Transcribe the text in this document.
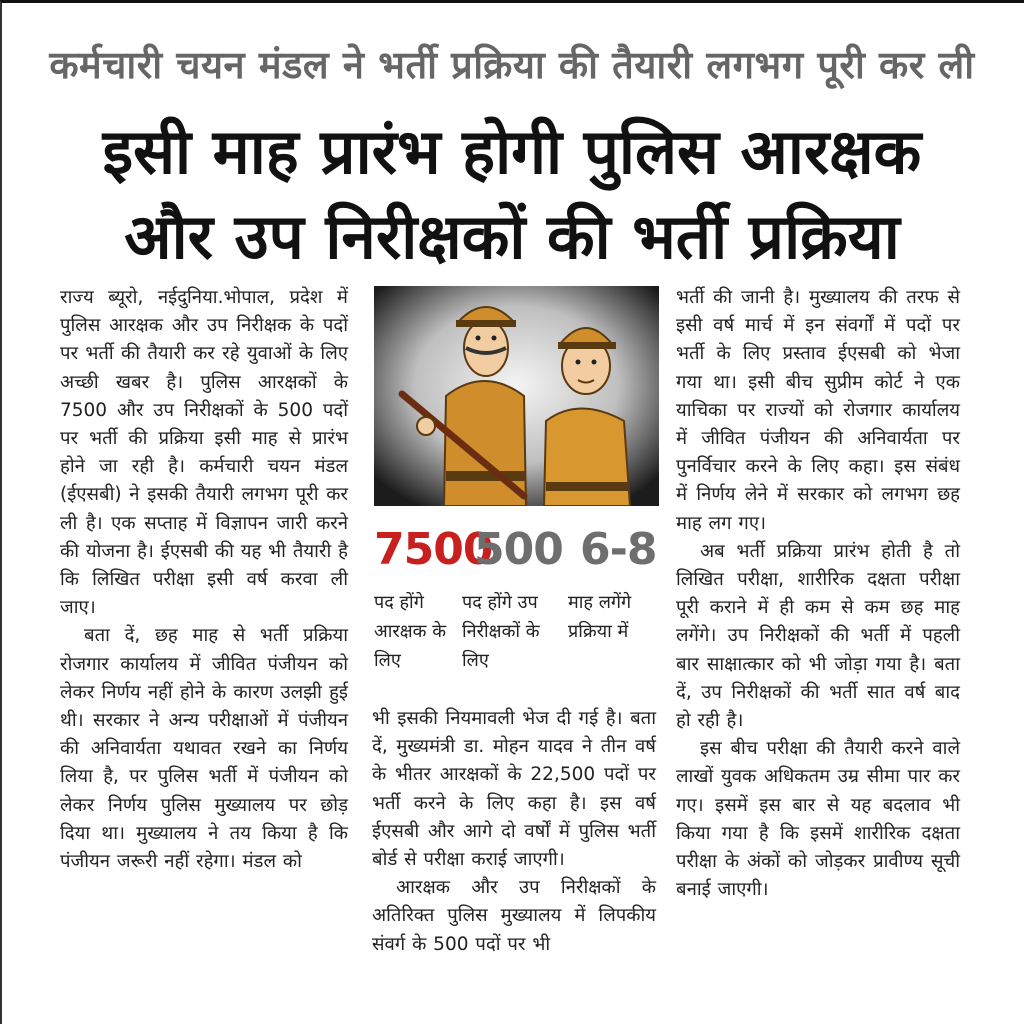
कर्मचारी चयन मंडल ने भर्ती प्रक्रिया की तैयारी लगभग पूरी कर ली
इसी माह प्रारंभ होगी पुलिस आरक्षक
और उप निरीक्षकों की भर्ती प्रक्रिया

राज्य ब्यूरो, नईदुनिया.भोपाल, प्रदेश में पुलिस आरक्षक और उप निरीक्षक के पदों पर भर्ती की तैयारी कर रहे युवाओं के लिए अच्छी खबर है। पुलिस आरक्षकों के 7500 और उप निरीक्षकों के 500 पदों पर भर्ती की प्रक्रिया इसी माह से प्रारंभ होने जा रही है। कर्मचारी चयन मंडल (ईएसबी) ने इसकी तैयारी लगभग पूरी कर ली है। एक सप्ताह में विज्ञापन जारी करने की योजना है। ईएसबी की यह भी तैयारी है कि लिखित परीक्षा इसी वर्ष करवा ली जाए।

बता दें, छह माह से भर्ती प्रक्रिया रोजगार कार्यालय में जीवित पंजीयन को लेकर निर्णय नहीं होने के कारण उलझी हुई थी। सरकार ने अन्य परीक्षाओं में पंजीयन की अनिवार्यता यथावत रखने का निर्णय लिया है, पर पुलिस भर्ती में पंजीयन को लेकर निर्णय पुलिस मुख्यालय पर छोड़ दिया था। मुख्यालय ने तय किया है कि पंजीयन जरूरी नहीं रहेगा। मंडल को

7500
500 6-8
पद होंगे आरक्षक के लिए
पद होंगे उप निरीक्षकों के लिए
माह लगेंगे प्रक्रिया में

भी इसकी नियमावली भेज दी गई है। बता दें, मुख्यमंत्री डा. मोहन यादव ने तीन वर्ष के भीतर आरक्षकों के 22,500 पदों पर भर्ती करने के लिए कहा है। इस वर्ष ईएसबी और आगे दो वर्षों में पुलिस भर्ती बोर्ड से परीक्षा कराई जाएगी।

आरक्षक और उप निरीक्षकों के अतिरिक्त पुलिस मुख्यालय में लिपकीय संवर्ग के 500 पदों पर भी

भर्ती की जानी है। मुख्यालय की तरफ से इसी वर्ष मार्च में इन संवर्गों में पदों पर भर्ती के लिए प्रस्ताव ईएसबी को भेजा गया था। इसी बीच सुप्रीम कोर्ट ने एक याचिका पर राज्यों को रोजगार कार्यालय में जीवित पंजीयन की अनिवार्यता पर पुनर्विचार करने के लिए कहा। इस संबंध में निर्णय लेने में सरकार को लगभग छह माह लग गए।

अब भर्ती प्रक्रिया प्रारंभ होती है तो लिखित परीक्षा, शारीरिक दक्षता परीक्षा पूरी कराने में ही कम से कम छह माह लगेंगे। उप निरीक्षकों की भर्ती में पहली बार साक्षात्कार को भी जोड़ा गया है। बता दें, उप निरीक्षकों की भर्ती सात वर्ष बाद हो रही है।

इस बीच परीक्षा की तैयारी करने वाले लाखों युवक अधिकतम उम्र सीमा पार कर गए। इसमें इस बार से यह बदलाव भी किया गया है कि इसमें शारीरिक दक्षता परीक्षा के अंकों को जोड़कर प्रावीण्य सूची बनाई जाएगी।
